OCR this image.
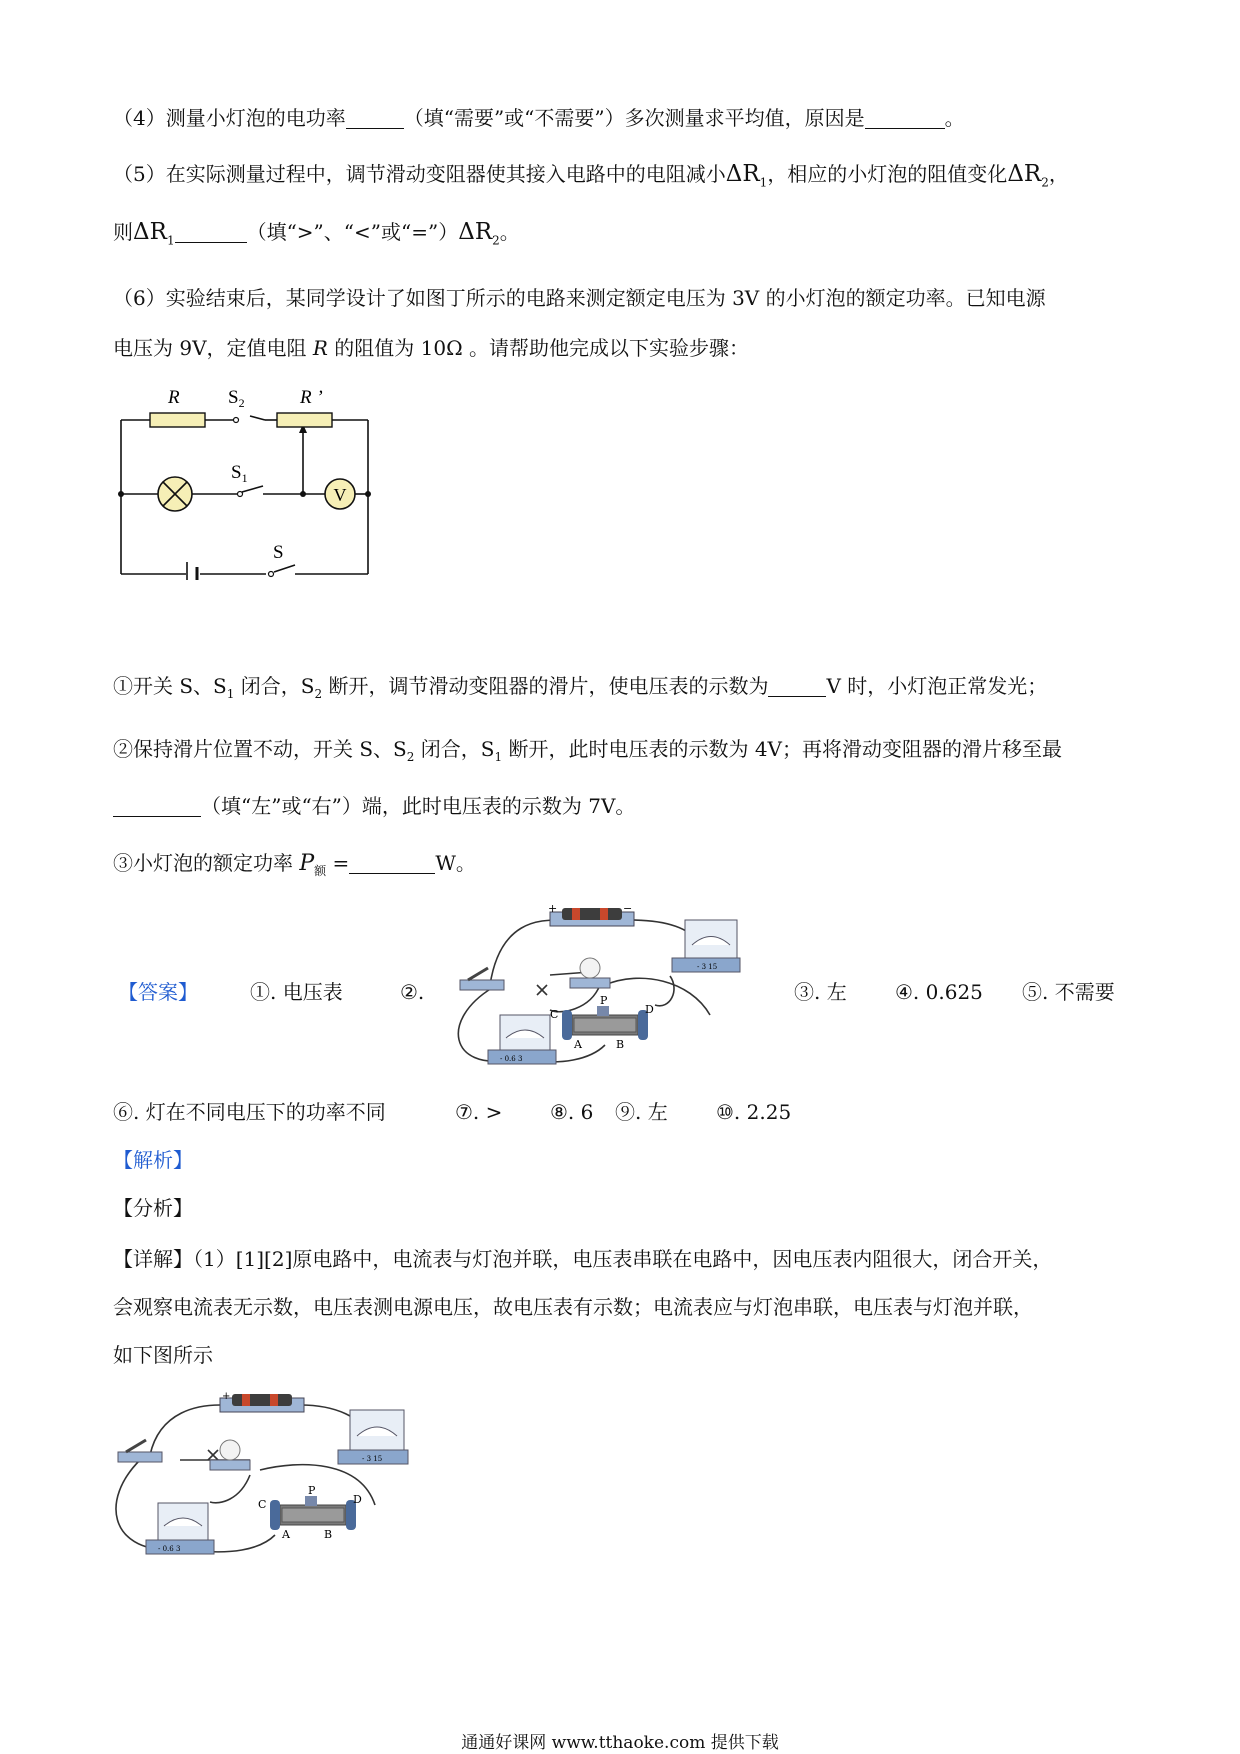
（4）测量小灯泡的电功率	（填“需要”或“不需要”）多次测量求平均值，原因是	。
（5）在实际测量过程中，调节滑动变阻器使其接入电路中的电阻减小$\Delta R_1$，相应的小灯泡的阻值变化$\Delta R_2$，
则$\Delta R_1$	（填“>”、“<”或“$=”)\Delta R_2$。
（6）实验结束后，某同学设计了如图丁所示的电路来测定额定电压为 3V 的小灯泡的额定功率。已知电源
电压为 9V，定值电阻 R 的阻值为 10Ω 。请帮助他完成以下实验步骤：
V
R	$S_2$	R ’
$S_1$
S
①开关 S、$S_1$ 闭合，$S_2$ 断开，调节滑动变阻器的滑片，使电压表的示数为	V 时，小灯泡正常发光；
②保持滑片位置不动，开关 S、$S_2$ 闭合，$S_1$ 断开，此时电压表的示数为 4V；再将滑动变阻器的滑片移至最
（填“左”或“右”）端，此时电压表的示数为 7V。
③小灯泡的额定功率 $P_额$ =	W。
【答案】	①. 电压表	②.	③. 左 ④. 0.625 ⑤. 不需要
+	−
- 3 15
- 0.6 3
C	D
P
A	B
⑥. 灯在不同电压下的功率不同	⑦. > ⑧. 6 ⑨. 左 ⑩. 2.25
【解析】
【分析】
【详解】（1）[1][2]原电路中，电流表与灯泡并联，电压表串联在电路中，因电压表内阻很大，闭合开关，
会观察电流表无示数，电压表测电源电压，故电压表有示数；电流表应与灯泡串联，电压表与灯泡并联，
如下图所示
+
- 3 15
- 0.6 3
C	D
P
A	B
通通好课网 www.tthaoke.com 提供下载
